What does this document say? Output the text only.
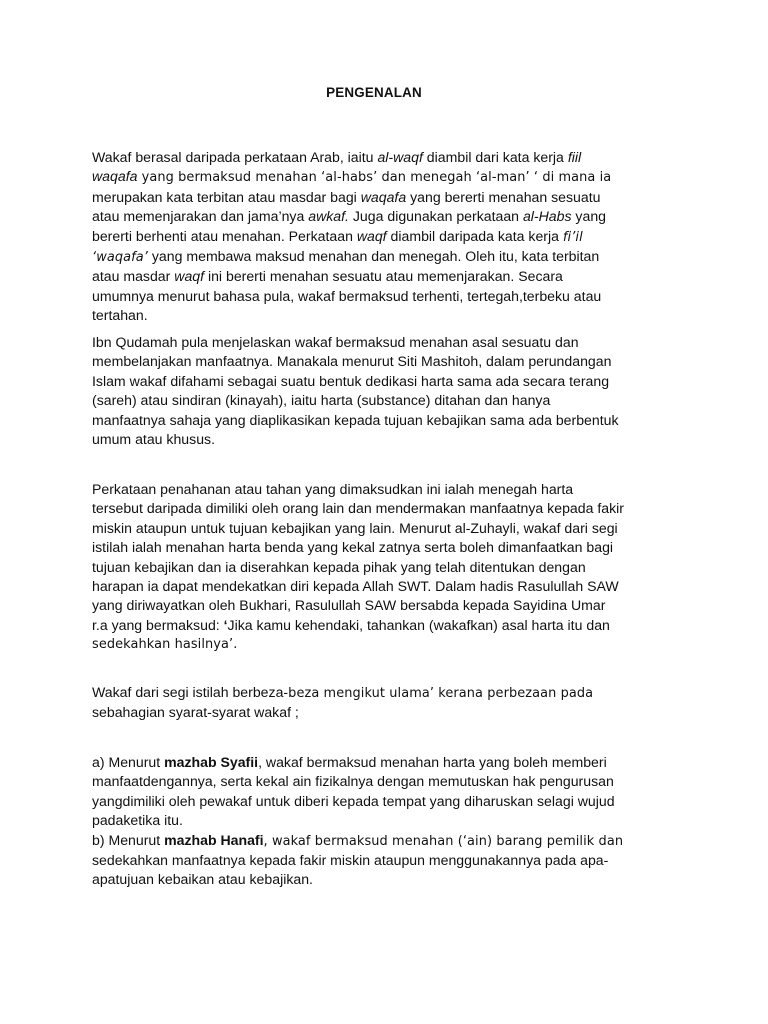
PENGENALAN
Wakaf berasal daripada perkataan Arab, iaitu al-waqf diambil dari kata kerja fiil
waqafa yang bermaksud menahan ‘al-habs’ dan menegah ‘al-man’ ‘ di mana ia
merupakan kata terbitan atau masdar bagi waqafa yang bererti menahan sesuatu
atau memenjarakan dan jama’nya awkaf. Juga digunakan perkataan al-Habs yang
bererti berhenti atau menahan. Perkataan waqf diambil daripada kata kerja fi’il
‘waqafa’ yang membawa maksud menahan dan menegah. Oleh itu, kata terbitan
atau masdar waqf ini bererti menahan sesuatu atau memenjarakan. Secara
umumnya menurut bahasa pula, wakaf bermaksud terhenti, tertegah,terbeku atau
tertahan.
Ibn Qudamah pula menjelaskan wakaf bermaksud menahan asal sesuatu dan
membelanjakan manfaatnya. Manakala menurut Siti Mashitoh, dalam perundangan
Islam wakaf difahami sebagai suatu bentuk dedikasi harta sama ada secara terang
(sareh) atau sindiran (kinayah), iaitu harta (substance) ditahan dan hanya
manfaatnya sahaja yang diaplikasikan kepada tujuan kebajikan sama ada berbentuk
umum atau khusus.
Perkataan penahanan atau tahan yang dimaksudkan ini ialah menegah harta
tersebut daripada dimiliki oleh orang lain dan mendermakan manfaatnya kepada fakir
miskin ataupun untuk tujuan kebajikan yang lain. Menurut al-Zuhayli, wakaf dari segi
istilah ialah menahan harta benda yang kekal zatnya serta boleh dimanfaatkan bagi
tujuan kebajikan dan ia diserahkan kepada pihak yang telah ditentukan dengan
harapan ia dapat mendekatkan diri kepada Allah SWT. Dalam hadis Rasulullah SAW
yang diriwayatkan oleh Bukhari, Rasulullah SAW bersabda kepada Sayidina Umar
r.a yang bermaksud: ‘Jika kamu kehendaki, tahankan (wakafkan) asal harta itu dan
sedekahkan hasilnya’.
Wakaf dari segi istilah berbeza-beza mengikut ulama’ kerana perbezaan pada
sebahagian syarat-syarat wakaf ;
a) Menurut mazhab Syafii, wakaf bermaksud menahan harta yang boleh memberi
manfaatdengannya, serta kekal ain fizikalnya dengan memutuskan hak pengurusan
yangdimiliki oleh pewakaf untuk diberi kepada tempat yang diharuskan selagi wujud
padaketika itu.
b) Menurut mazhab Hanafi, wakaf bermaksud menahan (‘ain) barang pemilik dan
sedekahkan manfaatnya kepada fakir miskin ataupun menggunakannya pada apa-
apatujuan kebaikan atau kebajikan.
